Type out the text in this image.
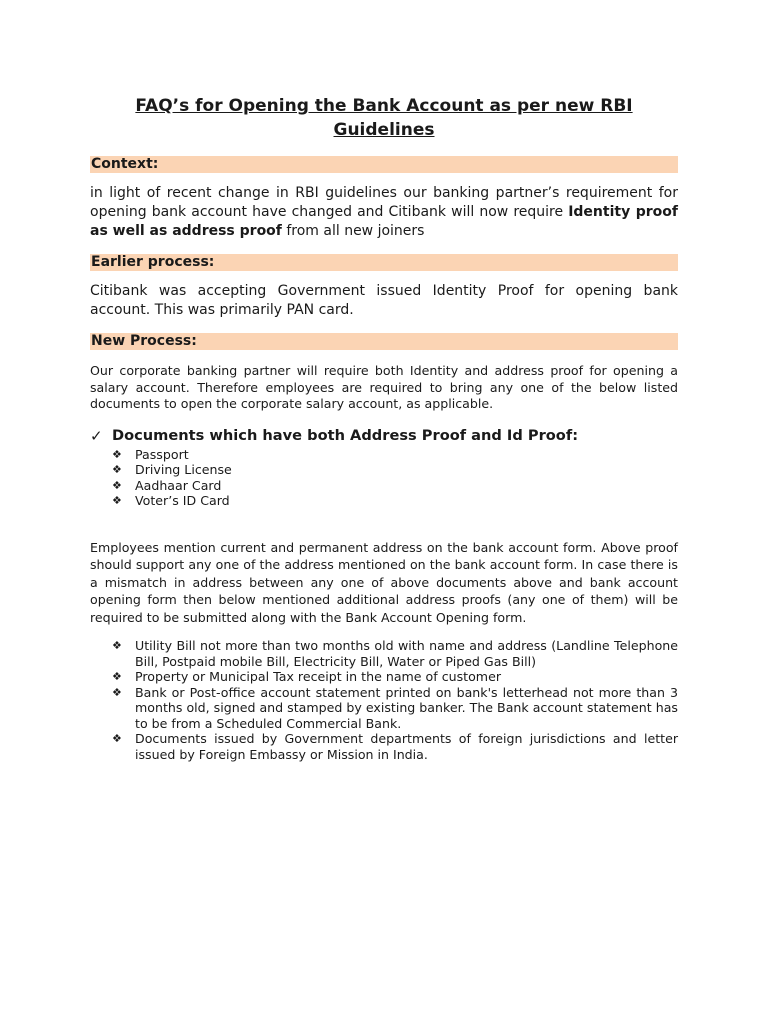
FAQ’s for Opening the Bank Account as per new RBI
Guidelines
Context:

in light of recent change in RBI guidelines our banking partner’s requirement for opening bank account have changed and Citibank will now require Identity proof as well as address proof from all new joiners

Earlier process:

Citibank was accepting Government issued Identity Proof for opening bank account. This was primarily PAN card.

New Process:

Our corporate banking partner will require both Identity and address proof for opening a salary account. Therefore employees are required to bring any one of the below listed documents to open the corporate salary account, as applicable.

✓ Documents which have both Address Proof and Id Proof:
❖	Passport
❖	Driving License
❖	Aadhaar Card
❖	Voter’s ID Card

Employees mention current and permanent address on the bank account form. Above proof should support any one of the address mentioned on the bank account form. In case there is a mismatch in address between any one of above documents above and bank account opening form then below mentioned additional address proofs (any one of them) will be required to be submitted along with the Bank Account Opening form.

❖	Utility Bill not more than two months old with name and address (Landline Telephone Bill, Postpaid mobile Bill, Electricity Bill, Water or Piped Gas Bill)
❖	Property or Municipal Tax receipt in the name of customer
❖	Bank or Post-office account statement printed on bank's letterhead not more than 3 months old, signed and stamped by existing banker. The Bank account statement has to be from a Scheduled Commercial Bank.
❖	Documents issued by Government departments of foreign jurisdictions and letter issued by Foreign Embassy or Mission in India.
